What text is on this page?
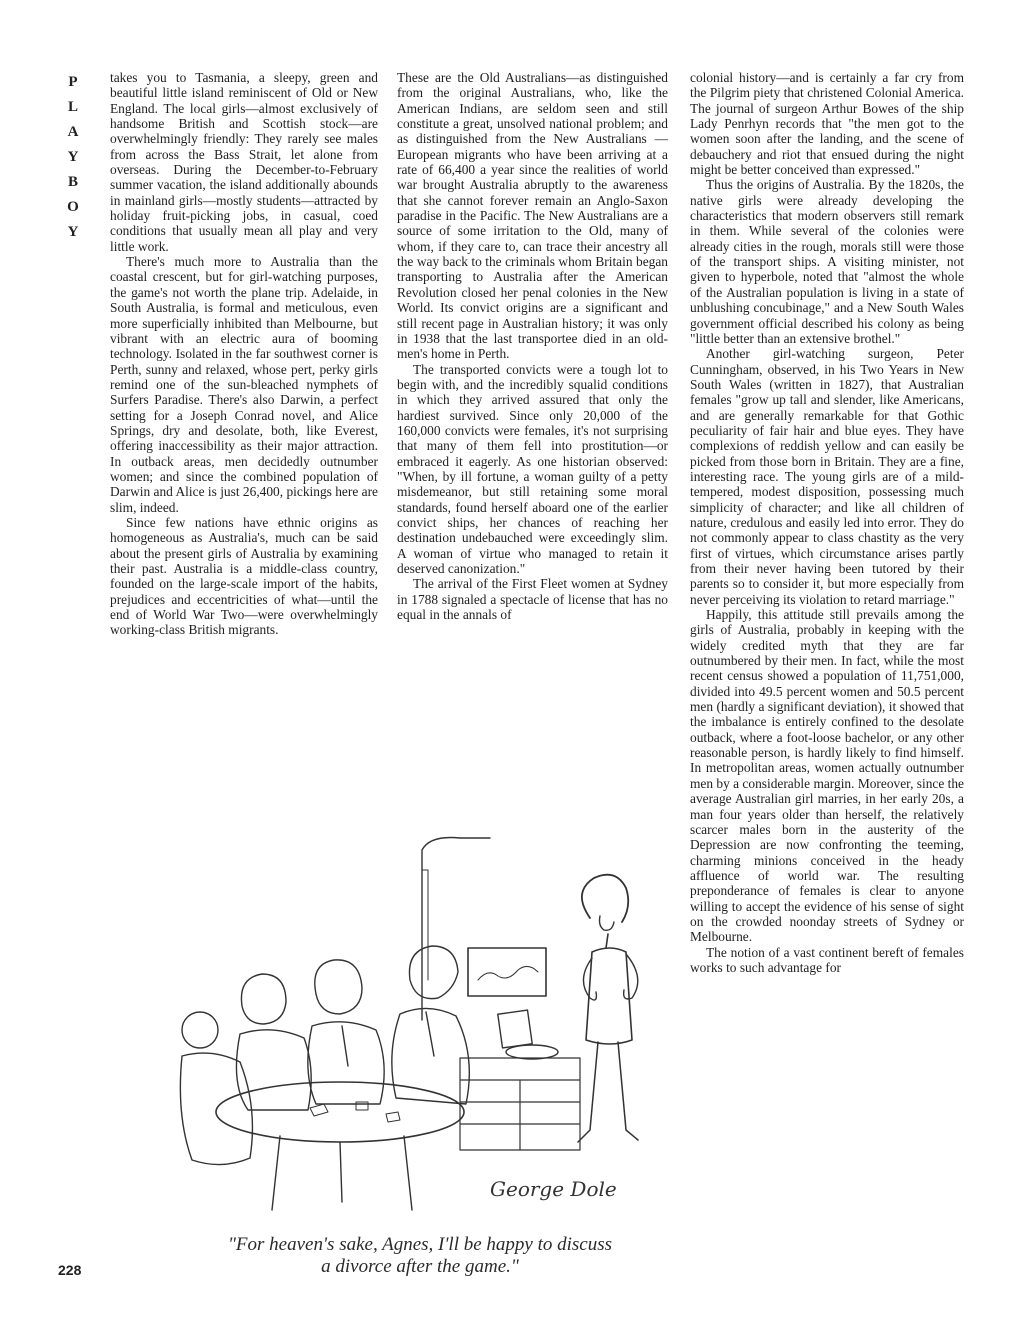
P
L
A
Y
B
O
Y

takes you to Tasmania, a sleepy, green and beautiful little island reminiscent of Old or New England. The local girls—almost exclusively of handsome British and Scottish stock—are overwhelmingly friendly: They rarely see males from across the Bass Strait, let alone from overseas. During the December-to-February summer vacation, the island additionally abounds in mainland girls—mostly students—attracted by holiday fruit-picking jobs, in casual, coed conditions that usually mean all play and very little work.

There's much more to Australia than the coastal crescent, but for girl-watching purposes, the game's not worth the plane trip. Adelaide, in South Australia, is formal and meticulous, even more superficially inhibited than Melbourne, but vibrant with an electric aura of booming technology. Isolated in the far southwest corner is Perth, sunny and relaxed, whose pert, perky girls remind one of the sun-bleached nymphets of Surfers Paradise. There's also Darwin, a perfect setting for a Joseph Conrad novel, and Alice Springs, dry and desolate, both, like Everest, offering inaccessibility as their major attraction. In outback areas, men decidedly outnumber women; and since the combined population of Darwin and Alice is just 26,400, pickings here are slim, indeed.

Since few nations have ethnic origins as homogeneous as Australia's, much can be said about the present girls of Australia by examining their past. Australia is a middle-class country, founded on the large-scale import of the habits, prejudices and eccentricities of what—until the end of World War Two—were overwhelmingly working-class British migrants.

These are the Old Australians—as distinguished from the original Australians, who, like the American Indians, are seldom seen and still constitute a great, unsolved national problem; and as distinguished from the New Australians —European migrants who have been arriving at a rate of 66,400 a year since the realities of world war brought Australia abruptly to the awareness that she cannot forever remain an Anglo-Saxon paradise in the Pacific. The New Australians are a source of some irritation to the Old, many of whom, if they care to, can trace their ancestry all the way back to the criminals whom Britain began transporting to Australia after the American Revolution closed her penal colonies in the New World. Its convict origins are a significant and still recent page in Australian history; it was only in 1938 that the last transportee died in an old-men's home in Perth.

The transported convicts were a tough lot to begin with, and the incredibly squalid conditions in which they arrived assured that only the hardiest survived. Since only 20,000 of the 160,000 convicts were females, it's not surprising that many of them fell into prostitution—or embraced it eagerly. As one historian observed: "When, by ill fortune, a woman guilty of a petty misdemeanor, but still retaining some moral standards, found herself aboard one of the earlier convict ships, her chances of reaching her destination undebauched were exceedingly slim. A woman of virtue who managed to retain it deserved canonization."

The arrival of the First Fleet women at Sydney in 1788 signaled a spectacle of license that has no equal in the annals of

colonial history—and is certainly a far cry from the Pilgrim piety that christened Colonial America. The journal of surgeon Arthur Bowes of the ship Lady Penrhyn records that "the men got to the women soon after the landing, and the scene of debauchery and riot that ensued during the night might be better conceived than expressed."

Thus the origins of Australia. By the 1820s, the native girls were already developing the characteristics that modern observers still remark in them. While several of the colonies were already cities in the rough, morals still were those of the transport ships. A visiting minister, not given to hyperbole, noted that "almost the whole of the Australian population is living in a state of unblushing concubinage," and a New South Wales government official described his colony as being "little better than an extensive brothel."

Another girl-watching surgeon, Peter Cunningham, observed, in his Two Years in New South Wales (written in 1827), that Australian females "grow up tall and slender, like Americans, and are generally remarkable for that Gothic peculiarity of fair hair and blue eyes. They have complexions of reddish yellow and can easily be picked from those born in Britain. They are a fine, interesting race. The young girls are of a mild-tempered, modest disposition, possessing much simplicity of character; and like all children of nature, credulous and easily led into error. They do not commonly appear to class chastity as the very first of virtues, which circumstance arises partly from their never having been tutored by their parents so to consider it, but more especially from never perceiving its violation to retard marriage."

Happily, this attitude still prevails among the girls of Australia, probably in keeping with the widely credited myth that they are far outnumbered by their men. In fact, while the most recent census showed a population of 11,751,000, divided into 49.5 percent women and 50.5 percent men (hardly a significant deviation), it showed that the imbalance is entirely confined to the desolate outback, where a foot-loose bachelor, or any other reasonable person, is hardly likely to find himself. In metropolitan areas, women actually outnumber men by a considerable margin. Moreover, since the average Australian girl marries, in her early 20s, a man four years older than herself, the relatively scarcer males born in the austerity of the Depression are now confronting the teeming, charming minions conceived in the heady affluence of world war. The resulting preponderance of females is clear to anyone willing to accept the evidence of his sense of sight on the crowded noonday streets of Sydney or Melbourne.

The notion of a vast continent bereft of females works to such advantage for

George Dole
"For heaven's sake, Agnes, I'll be happy to discuss
a divorce after the game."
228
